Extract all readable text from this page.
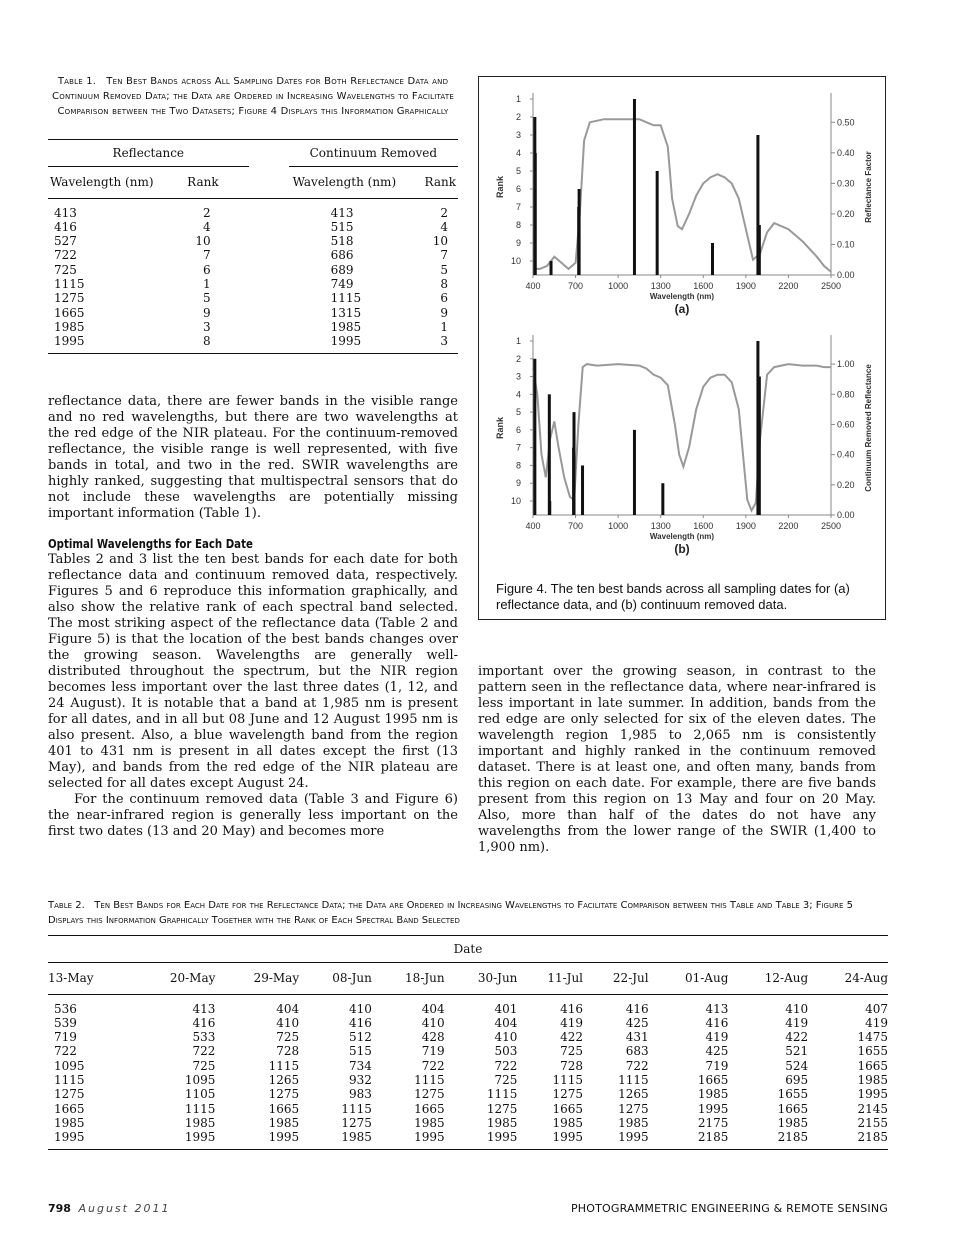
Table 1. Ten Best Bands across All Sampling Dates for Both Reflectance Data and Continuum Removed Data; the Data are Ordered in Increasing Wavelengths to Facilitate Comparison between the Two Datasets; Figure 4 Displays this Information Graphically
Reflectance			Continuum Removed	

Wavelength (nm)	Rank		Wavelength (nm)	Rank

413	2		413	2
416	4		515	4
527	10		518	10
722	7		686	7
725	6		689	5
1115	1		749	8
1275	5		1115	6
1665	9		1315	9
1985	3		1985	1
1995	8		1995	3

reflectance data, there are fewer bands in the visible range and no red wavelengths, but there are two wavelengths at the red edge of the NIR plateau. For the continuum-removed reflectance, the visible range is well represented, with five bands in total, and two in the red. SWIR wavelengths are highly ranked, suggesting that multispectral sensors that do not include these wavelengths are potentially missing important information (Table 1).

Optimal Wavelengths for Each Date

Tables 2 and 3 list the ten best bands for each date for both reflectance data and continuum removed data, respectively. Figures 5 and 6 reproduce this information graphically, and also show the relative rank of each spectral band selected. The most striking aspect of the reflectance data (Table 2 and Figure 5) is that the location of the best bands changes over the growing season. Wavelengths are generally well-distributed throughout the spectrum, but the NIR region becomes less important over the last three dates (1, 12, and 24 August). It is notable that a band at 1,985 nm is present for all dates, and in all but 08 June and 12 August 1995 nm is also present. Also, a blue wavelength band from the region 401 to 431 nm is present in all dates except the first (13 May), and bands from the red edge of the NIR plateau are selected for all dates except August 24.

For the continuum removed data (Table 3 and Figure 6) the near-infrared region is generally less important on the first two dates (13 and 20 May) and becomes more

1
2
3
4
5
6
7
8
9
10
0.00
0.10
0.20
0.30
0.40
0.50
400	700	1000	1300	1600	1900	2200	2500
Wavelength (nm)
(a)
Rank	Reflectance Factor
1
2
3
4
5
6
7
8
9
10
0.00
0.20
0.40
0.60
0.80
1.00
400	700	1000	1300	1600	1900	2200	2500
Wavelength (nm)
(b)
Rank	Continuum Removed Reflectance
Figure 4. The ten best bands across all sampling dates for (a) reflectance data, and (b) continuum removed data.

important over the growing season, in contrast to the pattern seen in the reflectance data, where near-infrared is less important in late summer. In addition, bands from the red edge are only selected for six of the eleven dates. The wavelength region 1,985 to 2,065 nm is consistently important and highly ranked in the continuum removed dataset. There is at least one, and often many, bands from this region on each date. For example, there are five bands present from this region on 13 May and four on 20 May. Also, more than half of the dates do not have any wavelengths from the lower range of the SWIR (1,400 to 1,900 nm).

Table 2. Ten Best Bands for Each Date for the Reflectance Data; the Data are Ordered in Increasing Wavelengths to Facilitate Comparison between this Table and Table 3; Figure 5 Displays this Information Graphically Together with the Rank of Each Spectral Band Selected
Date										
13-May	20-May	29-May	08-Jun	18-Jun	30-Jun	11-Jul	22-Jul	01-Aug	12-Aug	24-Aug

536	413	404	410	404	401	416	416	413	410	407
539	416	410	416	410	404	419	425	416	419	419
719	533	725	512	428	410	422	431	419	422	1475
722	722	728	515	719	503	725	683	425	521	1655
1095	725	1115	734	722	722	728	722	719	524	1665
1115	1095	1265	932	1115	725	1115	1115	1665	695	1985
1275	1105	1275	983	1275	1115	1275	1265	1985	1655	1995
1665	1115	1665	1115	1665	1275	1665	1275	1995	1665	2145
1985	1985	1985	1275	1985	1985	1985	1985	2175	1985	2155
1995	1995	1995	1985	1995	1995	1995	1995	2185	2185	2185

798 August 2011	PHOTOGRAMMETRIC ENGINEERING & REMOTE SENSING
